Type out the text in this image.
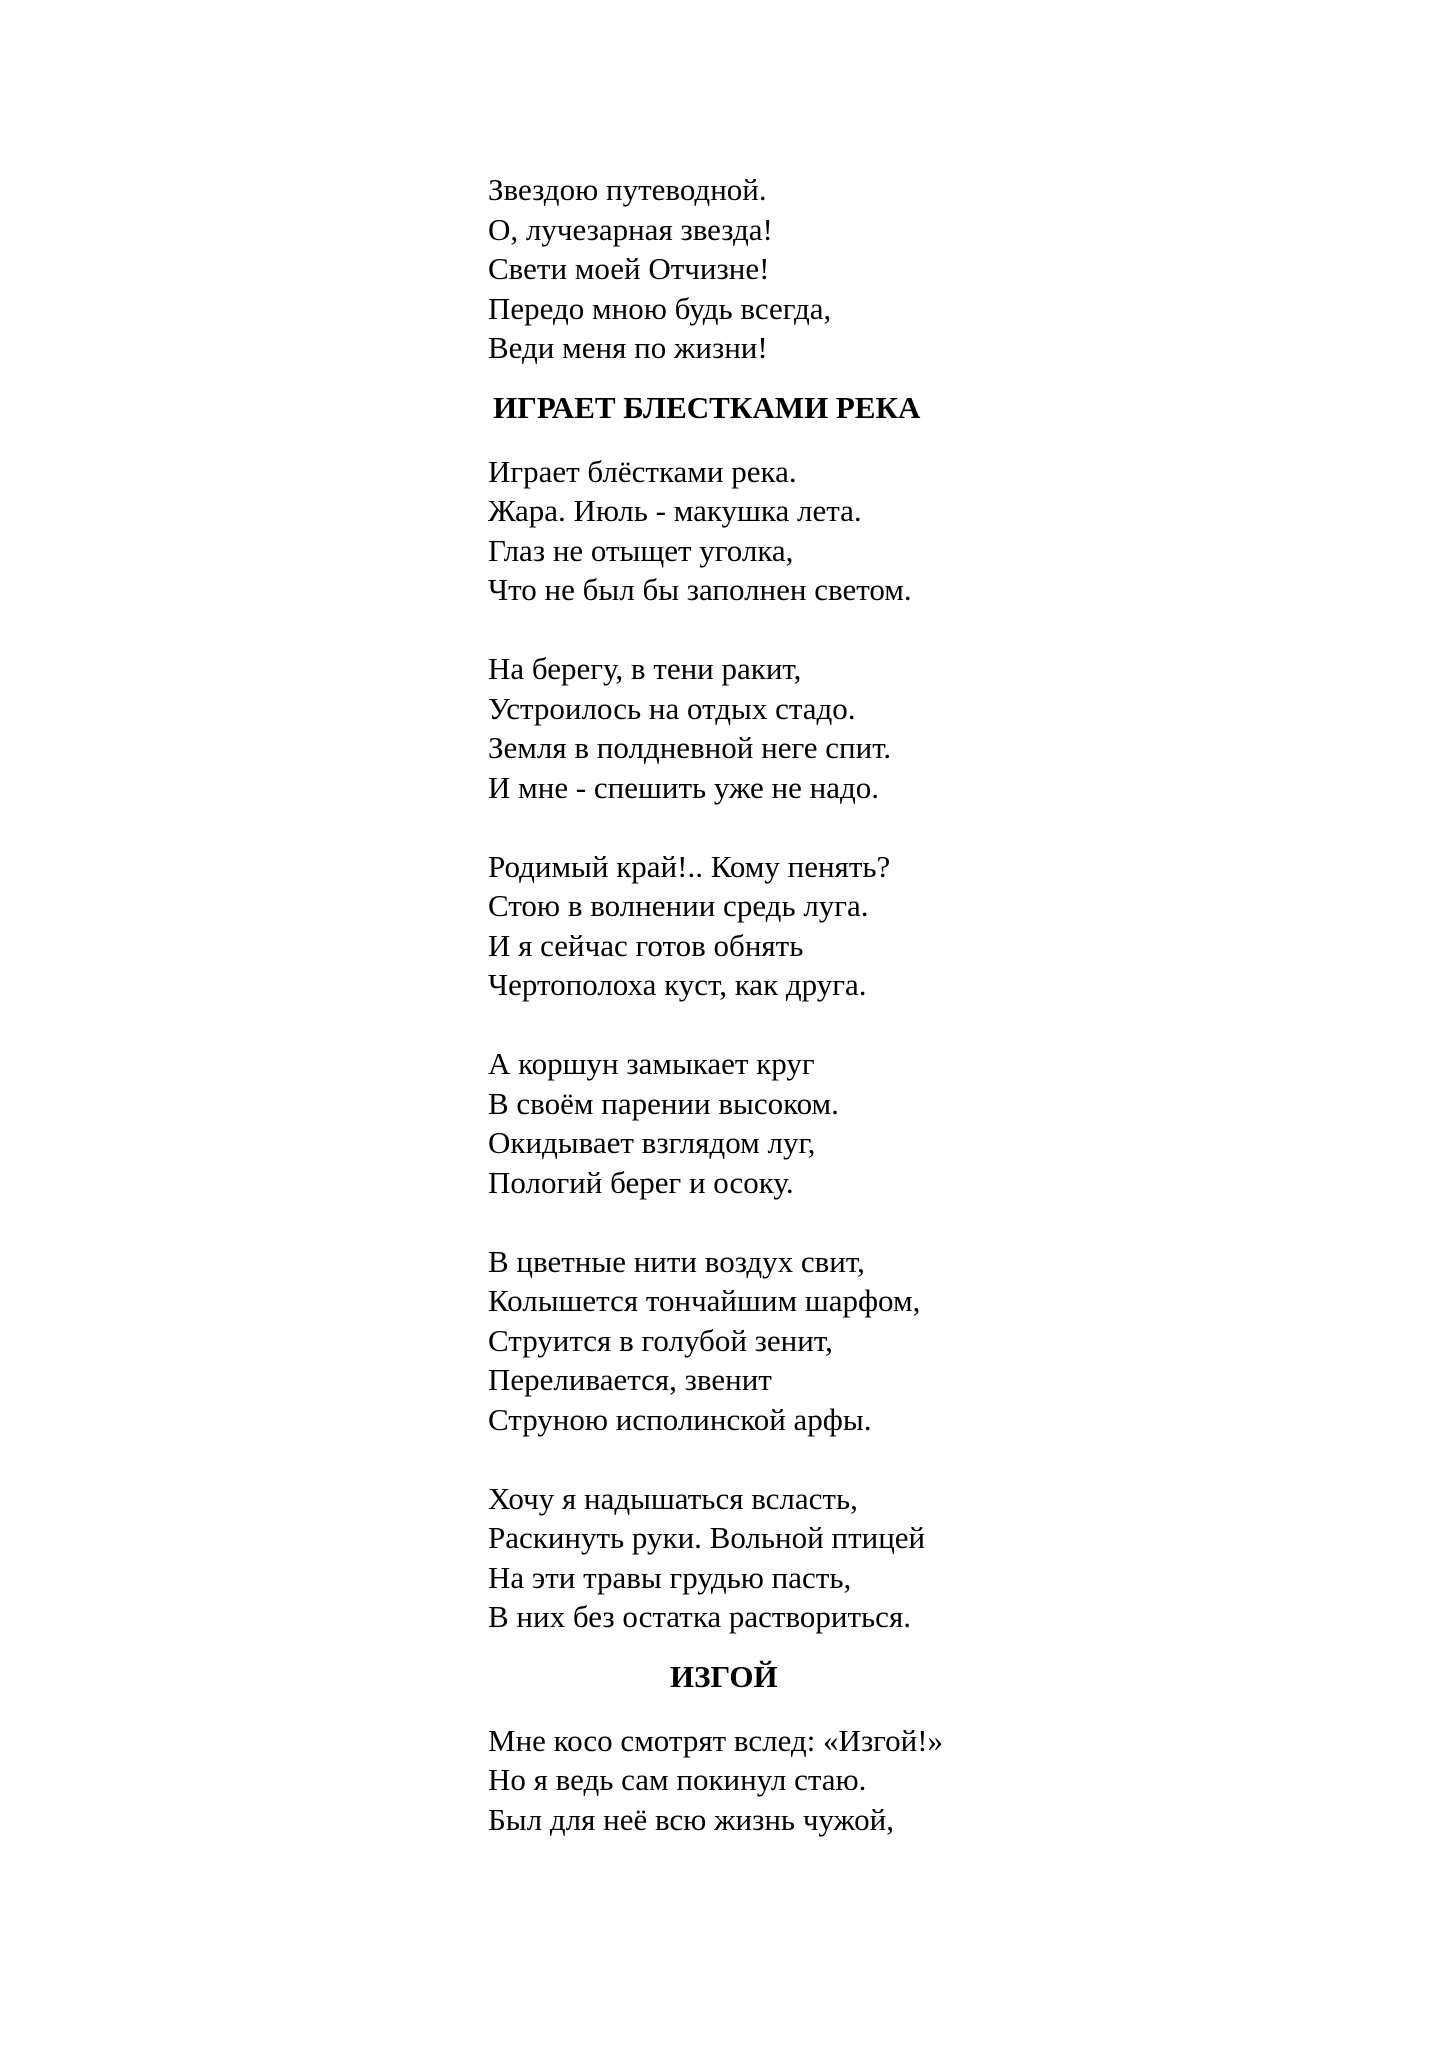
Звездою путеводной.
О, лучезарная звезда!
Свети моей Отчизне!
Передо мною будь всегда,
Веди меня по жизни!
ИГРАЕТ БЛЕСТКАМИ РЕКА
Играет блёстками река.
Жара. Июль - макушка лета.
Глаз не отыщет уголка,
Что не был бы заполнен светом.
На берегу, в тени ракит,
Устроилось на отдых стадо.
Земля в полдневной неге спит.
И мне - спешить уже не надо.
Родимый край!.. Кому пенять?
Стою в волнении средь луга.
И я сейчас готов обнять
Чертополоха куст, как друга.
А коршун замыкает круг
В своём парении высоком.
Окидывает взглядом луг,
Пологий берег и осоку.
В цветные нити воздух свит,
Колышется тончайшим шарфом,
Струится в голубой зенит,
Переливается, звенит
Струною исполинской арфы.
Хочу я надышаться всласть,
Раскинуть руки. Вольной птицей
На эти травы грудью пасть,
В них без остатка раствориться.
ИЗГОЙ
Мне косо смотрят вслед: «Изгой!»
Но я ведь сам покинул стаю.
Был для неё всю жизнь чужой,
